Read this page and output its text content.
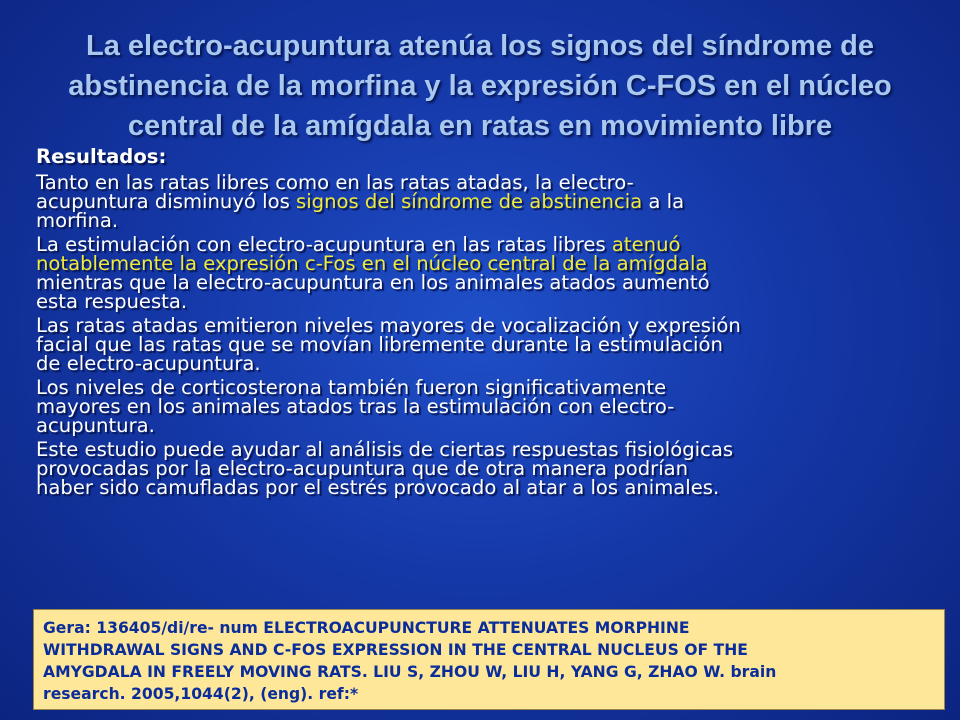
La electro-acupuntura atenúa los signos del síndrome de
abstinencia de la morfina y la expresión C-FOS en el núcleo
central de la amígdala en ratas en movimiento libre
Resultados:
Tanto en las ratas libres como en las ratas atadas, la electro-
acupuntura disminuyó los signos del síndrome de abstinencia a la
morfina.
La estimulación con electro-acupuntura en las ratas libres atenuó
notablemente la expresión c-Fos en el núcleo central de la amígdala
mientras que la electro-acupuntura en los animales atados aumentó
esta respuesta.
Las ratas atadas emitieron niveles mayores de vocalización y expresión
facial que las ratas que se movían libremente durante la estimulación
de electro-acupuntura.
Los niveles de corticosterona también fueron significativamente
mayores en los animales atados tras la estimulación con electro-
acupuntura.
Este estudio puede ayudar al análisis de ciertas respuestas fisiológicas
provocadas por la electro-acupuntura que de otra manera podrían
haber sido camufladas por el estrés provocado al atar a los animales.
Gera: 136405/di/re- num ELECTROACUPUNCTURE ATTENUATES MORPHINE
WITHDRAWAL SIGNS AND C-FOS EXPRESSION IN THE CENTRAL NUCLEUS OF THE
AMYGDALA IN FREELY MOVING RATS. LIU S, ZHOU W, LIU H, YANG G, ZHAO W. brain
research. 2005,1044(2), (eng). ref:*
